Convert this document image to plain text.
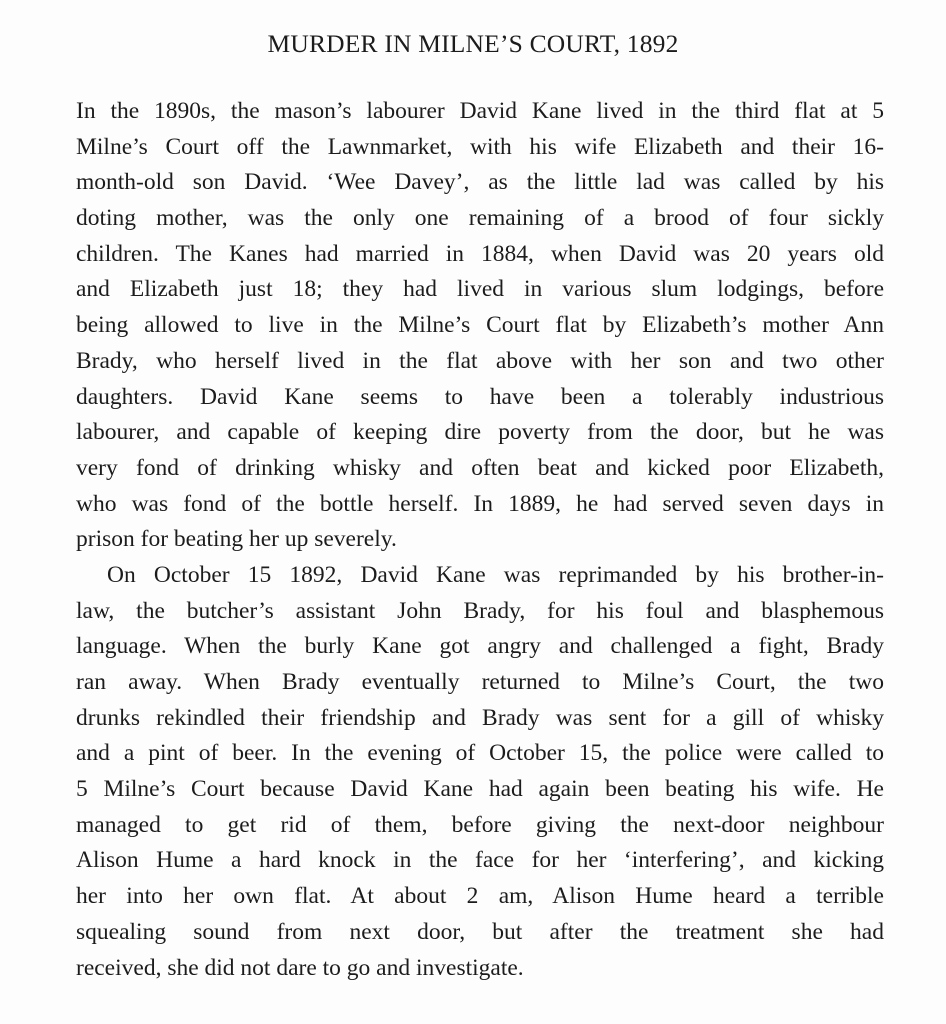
MURDER IN MILNE’S COURT, 1892
In the 1890s, the mason’s labourer David Kane lived in the third flat at 5
Milne’s Court off the Lawnmarket, with his wife Elizabeth and their 16-
month-old son David. ‘Wee Davey’, as the little lad was called by his
doting mother, was the only one remaining of a brood of four sickly
children. The Kanes had married in 1884, when David was 20 years old
and Elizabeth just 18; they had lived in various slum lodgings, before
being allowed to live in the Milne’s Court flat by Elizabeth’s mother Ann
Brady, who herself lived in the flat above with her son and two other
daughters. David Kane seems to have been a tolerably industrious
labourer, and capable of keeping dire poverty from the door, but he was
very fond of drinking whisky and often beat and kicked poor Elizabeth,
who was fond of the bottle herself. In 1889, he had served seven days in
prison for beating her up severely.
On October 15 1892, David Kane was reprimanded by his brother-in-
law, the butcher’s assistant John Brady, for his foul and blasphemous
language. When the burly Kane got angry and challenged a fight, Brady
ran away. When Brady eventually returned to Milne’s Court, the two
drunks rekindled their friendship and Brady was sent for a gill of whisky
and a pint of beer. In the evening of October 15, the police were called to
5 Milne’s Court because David Kane had again been beating his wife. He
managed to get rid of them, before giving the next-door neighbour
Alison Hume a hard knock in the face for her ‘interfering’, and kicking
her into her own flat. At about 2 am, Alison Hume heard a terrible
squealing sound from next door, but after the treatment she had
received, she did not dare to go and investigate.
